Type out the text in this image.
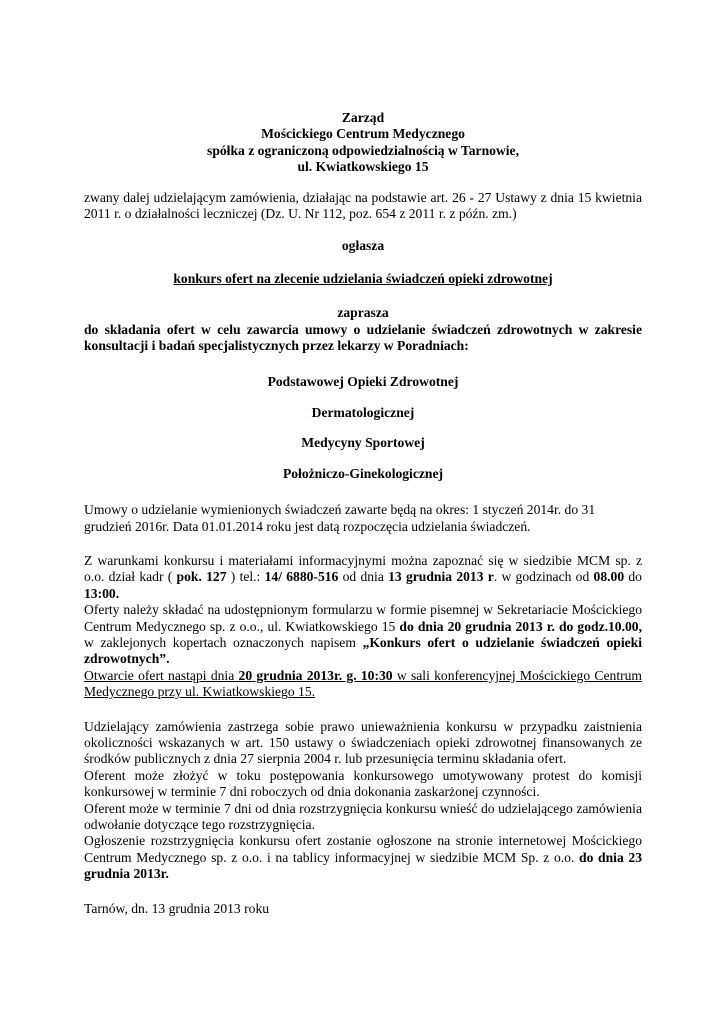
Zarząd

Mościckiego Centrum Medycznego

spółka z ograniczoną odpowiedzialnością w Tarnowie,

ul. Kwiatkowskiego 15

zwany dalej udzielającym zamówienia, działając na podstawie art. 26 - 27 Ustawy z dnia 15 kwietnia 2011 r. o działalności leczniczej (Dz. U. Nr 112, poz. 654 z 2011 r. z późn. zm.)

ogłasza

konkurs ofert na zlecenie udzielania świadczeń opieki zdrowotnej

zaprasza

do składania ofert w celu zawarcia umowy o udzielanie świadczeń zdrowotnych w zakresie konsultacji i badań specjalistycznych przez lekarzy w Poradniach:

Podstawowej Opieki Zdrowotnej

Dermatologicznej

Medycyny Sportowej

Położniczo-Ginekologicznej

Umowy o udzielanie wymienionych świadczeń zawarte będą na okres: 1 styczeń 2014r. do 31 grudzień 2016r. Data 01.01.2014 roku jest datą rozpoczęcia udzielania świadczeń.

Z warunkami konkursu i materiałami informacyjnymi można zapoznać się w siedzibie MCM sp. z o.o. dział kadr ( pok. 127 ) tel.: 14/ 6880-516 od dnia 13 grudnia 2013 r. w godzinach od 08.00 do 13:00.

Oferty należy składać na udostępnionym formularzu w formie pisemnej w Sekretariacie Mościckiego Centrum Medycznego sp. z o.o., ul. Kwiatkowskiego 15 do dnia 20 grudnia 2013 r. do godz.10.00, w zaklejonych kopertach oznaczonych napisem „Konkurs ofert o udzielanie świadczeń opieki zdrowotnych”.

Otwarcie ofert nastąpi dnia 20 grudnia 2013r. g. 10:30 w sali konferencyjnej Mościckiego Centrum Medycznego przy ul. Kwiatkowskiego 15.

Udzielający zamówienia zastrzega sobie prawo unieważnienia konkursu w przypadku zaistnienia okoliczności wskazanych w art. 150 ustawy o świadczeniach opieki zdrowotnej finansowanych ze środków publicznych z dnia 27 sierpnia 2004 r. lub przesunięcia terminu składania ofert.

Oferent może złożyć w toku postępowania konkursowego umotywowany protest do komisji konkursowej w terminie 7 dni roboczych od dnia dokonania zaskarżonej czynności.

Oferent może w terminie 7 dni od dnia rozstrzygnięcia konkursu wnieść do udzielającego zamówienia odwołanie dotyczące tego rozstrzygnięcia.

Ogłoszenie rozstrzygnięcia konkursu ofert zostanie ogłoszone na stronie internetowej Mościckiego Centrum Medycznego sp. z o.o. i na tablicy informacyjnej w siedzibie MCM Sp. z o.o. do dnia 23 grudnia 2013r.

Tarnów, dn. 13 grudnia 2013 roku
